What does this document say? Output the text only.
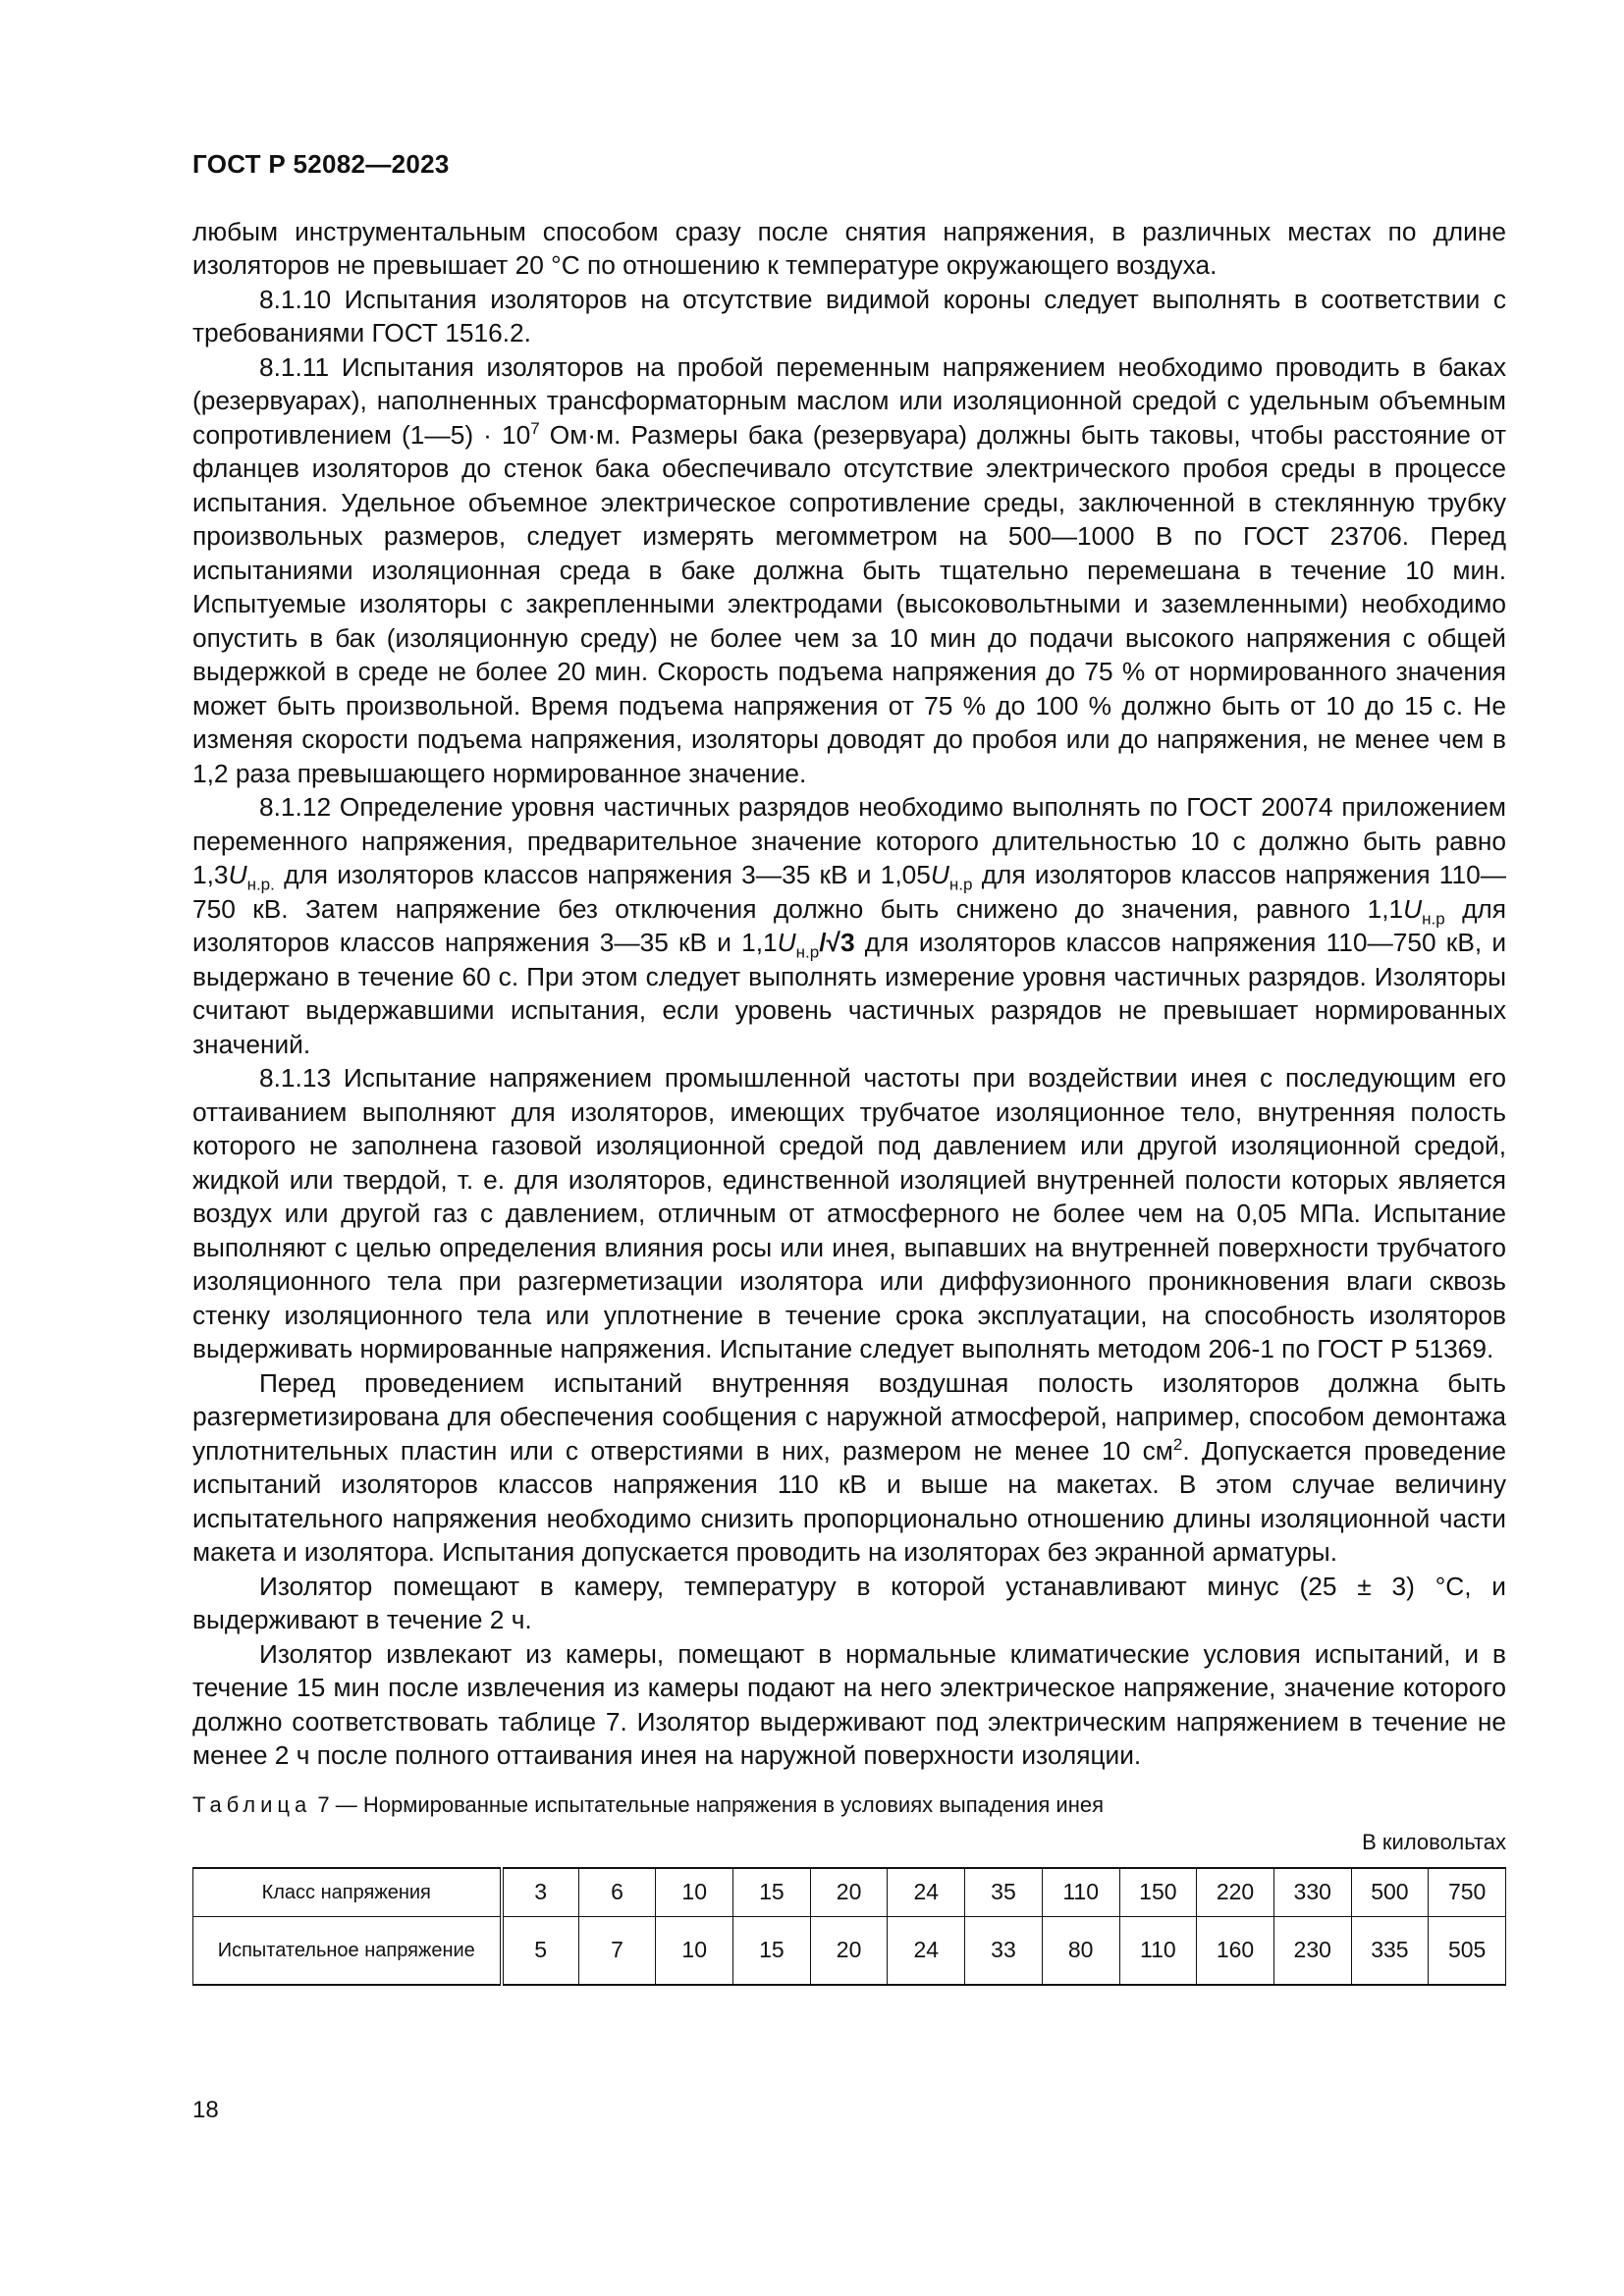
ГОСТ Р 52082—2023

любым инструментальным способом сразу после снятия напряжения, в различных местах по длине изоляторов не превышает 20 °С по отношению к температуре окружающего воздуха.

8.1.10 Испытания изоляторов на отсутствие видимой короны следует выполнять в соответствии с требованиями ГОСТ 1516.2.

8.1.11 Испытания изоляторов на пробой переменным напряжением необходимо проводить в баках (резервуарах), наполненных трансформаторным маслом или изоляционной средой с удельным объемным сопротивлением (1—5) · $10^7$ Ом·м. Размеры бака (резервуара) должны быть таковы, чтобы расстояние от фланцев изоляторов до стенок бака обеспечивало отсутствие электрического пробоя среды в процессе испытания. Удельное объемное электрическое сопротивление среды, заключенной в стеклянную трубку произвольных размеров, следует измерять мегомметром на 500—1000 В по ГОСТ 23706. Перед испытаниями изоляционная среда в баке должна быть тщательно перемешана в течение 10 мин. Испытуемые изоляторы с закрепленными электродами (высоковольтными и заземленными) необходимо опустить в бак (изоляционную среду) не более чем за 10 мин до подачи высокого напряжения с общей выдержкой в среде не более 20 мин. Скорость подъема напряжения до 75 % от нормированного значения может быть произвольной. Время подъема напряжения от 75 % до 100 % должно быть от 10 до 15 с. Не изменяя скорости подъема напряжения, изоляторы доводят до пробоя или до напряжения, не менее чем в 1,2 раза превышающего нормированное значение.

8.1.12 Определение уровня частичных разрядов необходимо выполнять по ГОСТ 20074 приложением переменного напряжения, предварительное значение которого длительностью 10 с должно быть равно $1,3U_{н.р.}$ для изоляторов классов напряжения 3—35 кВ и $1,05U_{н.р}$ для изоляторов классов напряжения 110—750 кВ. Затем напряжение без отключения должно быть снижено до значения, равного $1,1U_{н.р}$ для изоляторов классов напряжения 3—35 кВ и $1,1U_{н.р}/√3$ для изоляторов классов напряжения 110—750 кВ, и выдержано в течение 60 с. При этом следует выполнять измерение уровня частичных разрядов. Изоляторы считают выдержавшими испытания, если уровень частичных разрядов не превышает нормированных значений.

8.1.13 Испытание напряжением промышленной частоты при воздействии инея с последующим его оттаиванием выполняют для изоляторов, имеющих трубчатое изоляционное тело, внутренняя полость которого не заполнена газовой изоляционной средой под давлением или другой изоляционной средой, жидкой или твердой, т. е. для изоляторов, единственной изоляцией внутренней полости которых является воздух или другой газ с давлением, отличным от атмосферного не более чем на 0,05 МПа. Испытание выполняют с целью определения влияния росы или инея, выпавших на внутренней поверхности трубчатого изоляционного тела при разгерметизации изолятора или диффузионного проникновения влаги сквозь стенку изоляционного тела или уплотнение в течение срока эксплуатации, на способность изоляторов выдерживать нормированные напряжения. Испытание следует выполнять методом 206-1 по ГОСТ Р 51369.

Перед проведением испытаний внутренняя воздушная полость изоляторов должна быть разгерметизирована для обеспечения сообщения с наружной атмосферой, например, способом демонтажа уплотнительных пластин или с отверстиями в них, размером не менее 10 $см^2$. Допускается проведение испытаний изоляторов классов напряжения 110 кВ и выше на макетах. В этом случае величину испытательного напряжения необходимо снизить пропорционально отношению длины изоляционной части макета и изолятора. Испытания допускается проводить на изоляторах без экранной арматуры.

Изолятор помещают в камеру, температуру в которой устанавливают минус (25 ± 3) °С, и выдерживают в течение 2 ч.

Изолятор извлекают из камеры, помещают в нормальные климатические условия испытаний, и в течение 15 мин после извлечения из камеры подают на него электрическое напряжение, значение которого должно соответствовать таблице 7. Изолятор выдерживают под электрическим напряжением в течение не менее 2 ч после полного оттаивания инея на наружной поверхности изоляции.

Таблица 7 — Нормированные испытательные напряжения в условиях выпадения инея
В киловольтах
Класс напряжения	3	6	10	15	20	24	35	110	150	220	330	500	750
Испытательное напряжение	5	7	10	15	20	24	33	80	110	160	230	335	505
18
